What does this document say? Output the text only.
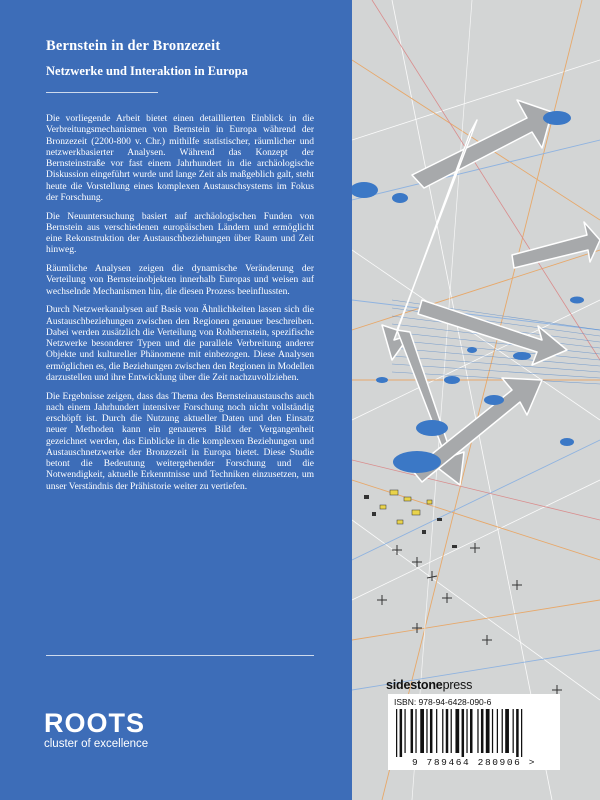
Bernstein in der Bronzezeit
Netzwerke und Interaktion in Europa

Die vorliegende Arbeit bietet einen detaillierten Einblick in die Verbreitungsmechanismen von Bernstein in Europa während der Bronzezeit (2200-800 v. Chr.) mithilfe statistischer, räumlicher und netzwerkbasierter Analysen. Während das Konzept der Bernsteinstraße vor fast einem Jahrhundert in die archäologische Diskussion eingeführt wurde und lange Zeit als maßgeblich galt, steht heute die Vorstellung eines komplexen Austauschsystems im Fokus der Forschung.

Die Neuuntersuchung basiert auf archäologischen Funden von Bernstein aus verschiedenen europäischen Ländern und ermöglicht eine Rekonstruktion der Austauschbeziehungen über Raum und Zeit hinweg.

Räumliche Analysen zeigen die dynamische Veränderung der Verteilung von Bernsteinobjekten innerhalb Europas und weisen auf wechselnde Mechanismen hin, die diesen Prozess beeinflussten.

Durch Netzwerkanalysen auf Basis von Ähnlichkeiten lassen sich die Austauschbeziehungen zwischen den Regionen genauer beschreiben. Dabei werden zusätzlich die Verteilung von Rohbernstein, spezifische Netzwerke besonderer Typen und die parallele Verbreitung anderer Objekte und kultureller Phänomene mit einbezogen. Diese Analysen ermöglichen es, die Beziehungen zwischen den Regionen in Modellen darzustellen und ihre Entwicklung über die Zeit nachzuvollziehen.

Die Ergebnisse zeigen, dass das Thema des Bernsteinaustauschs auch nach einem Jahrhundert intensiver Forschung noch nicht vollständig erschöpft ist. Durch die Nutzung aktueller Daten und den Einsatz neuer Methoden kann ein genaueres Bild der Vergangenheit gezeichnet werden, das Einblicke in die komplexen Beziehungen und Austauschnetzwerke der Bronzezeit in Europa bietet. Diese Studie betont die Bedeutung weitergehender Forschung und die Notwendigkeit, aktuelle Erkenntnisse und Techniken einzusetzen, um unser Verständnis der Prähistorie weiter zu vertiefen.

ROOTS
cluster of excellence
sidestonepress
ISBN: 978-94-6428-090-6
9 789464 280906 >
